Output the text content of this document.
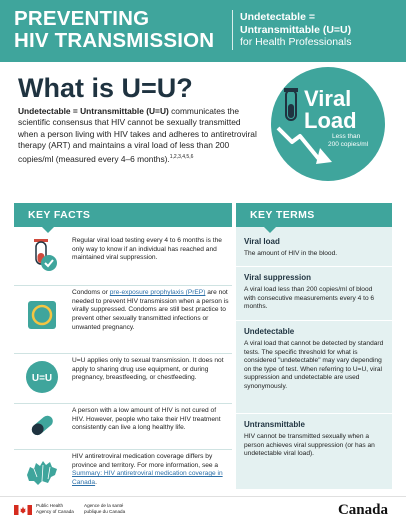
PREVENTING
HIV TRANSMISSION
Undetectable =
Untransmittable (U=U)
for Health Professionals
What is U=U?
Undetectable = Untransmittable (U=U) communicates the scientific consensus that HIV cannot be sexually transmitted when a person living with HIV takes and adheres to antiretroviral therapy (ART) and maintains a viral load of less than 200 copies/ml (measured every 4–6 months).$^{1,2,3,4,5,6}$
Viral
Load
Less than
200 copies/ml
KEY FACTS
Regular viral load testing every 4 to 6 months is the only way to know if an individual has reached and maintained viral suppression.
Condoms or pre-exposure prophylaxis (PrEP) are not needed to prevent HIV transmission when a person is virally suppressed. Condoms are still best practice to prevent other sexually transmitted infections or unwanted pregnancy.
U=U
U=U applies only to sexual transmission. It does not apply to sharing drug use equipment, or during pregnancy, breastfeeding, or chestfeeding.
A person with a low amount of HIV is not cured of HIV. However, people who take their HIV treatment consistently can live a long healthy life.
HIV antiretroviral medication coverage differs by province and territory. For more information, see a Summary: HIV antiretroviral medication coverage in Canada.
KEY TERMS
Viral load
The amount of HIV in the blood.
Viral suppression
A viral load less than 200 copies/ml of blood with consecutive measurements every 4 to 6 months.
Undetectable
A viral load that cannot be detected by standard tests. The specific threshold for what is considered "undetectable" may vary depending on the type of test. When referring to U=U, viral suppression and undetectable are used synonymously.
Untransmittable
HIV cannot be transmitted sexually when a person achieves viral suppression (or has an undetectable viral load).
Public Health
Agency of Canada
Agence de la santé
publique du Canada	Canada
